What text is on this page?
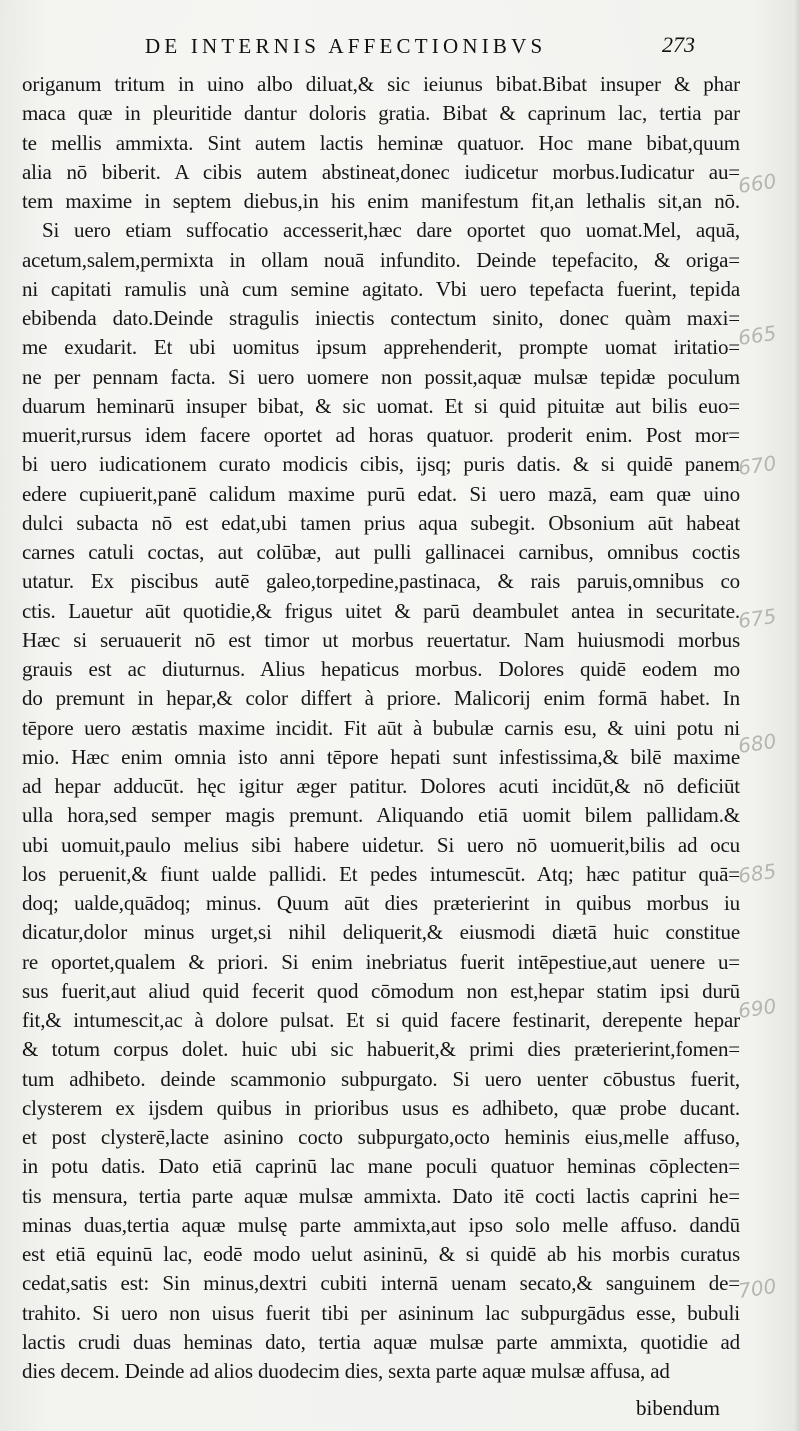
DE INTERNIS AFFECTIONIBVS	273
origanum tritum in uino albo diluat,& sic ieiunus bibat.Bibat insuper & phar
maca quæ in pleuritide dantur doloris gratia. Bibat & caprinum lac, tertia par
te mellis ammixta. Sint autem lactis heminæ quatuor. Hoc mane bibat,quum
alia nō biberit. A cibis autem abstineat,donec iudicetur morbus.Iudicatur au=
tem maxime in septem diebus,in his enim manifestum fit,an lethalis sit,an nō.
Si uero etiam suffocatio accesserit,hæc dare oportet quo uomat.Mel, aquā,
acetum,salem,permixta in ollam nouā infundito. Deinde tepefacito, & origa=
ni capitati ramulis unà cum semine agitato. Vbi uero tepefacta fuerint, tepida
ebibenda dato.Deinde stragulis iniectis contectum sinito, donec quàm maxi=
me exudarit. Et ubi uomitus ipsum apprehenderit, prompte uomat iritatio=
ne per pennam facta. Si uero uomere non possit,aquæ mulsæ tepidæ poculum
duarum heminarū insuper bibat, & sic uomat. Et si quid pituitæ aut bilis euo=
muerit,rursus idem facere oportet ad horas quatuor. proderit enim. Post mor=
bi uero iudicationem curato modicis cibis, ijsq; puris datis. & si quidē panem
edere cupiuerit,panē calidum maxime purū edat. Si uero mazā, eam quæ uino
dulci subacta nō est edat,ubi tamen prius aqua subegit. Obsonium aūt habeat
carnes catuli coctas, aut colūbæ, aut pulli gallinacei carnibus, omnibus coctis
utatur. Ex piscibus autē galeo,torpedine,pastinaca, & rais paruis,omnibus co
ctis. Lauetur aūt quotidie,& frigus uitet & parū deambulet antea in securitate.
Hæc si seruauerit nō est timor ut morbus reuertatur. Nam huiusmodi morbus
grauis est ac diuturnus. Alius hepaticus morbus. Dolores quidē eodem mo
do premunt in hepar,& color differt à priore. Malicorij enim formā habet. In
tēpore uero æstatis maxime incidit. Fit aūt à bubulæ carnis esu, & uini potu ni
mio. Hæc enim omnia isto anni tēpore hepati sunt infestissima,& bilē maxime
ad hepar adducūt. hęc igitur æger patitur. Dolores acuti incidūt,& nō deficiūt
ulla hora,sed semper magis premunt. Aliquando etiā uomit bilem pallidam.&
ubi uomuit,paulo melius sibi habere uidetur. Si uero nō uomuerit,bilis ad ocu
los peruenit,& fiunt ualde pallidi. Et pedes intumescūt. Atq; hæc patitur quā=
doq; ualde,quādoq; minus. Quum aūt dies præterierint in quibus morbus iu
dicatur,dolor minus urget,si nihil deliquerit,& eiusmodi diætā huic constitue
re oportet,qualem & priori. Si enim inebriatus fuerit intēpestiue,aut uenere u=
sus fuerit,aut aliud quid fecerit quod cōmodum non est,hepar statim ipsi durū
fit,& intumescit,ac à dolore pulsat. Et si quid facere festinarit, derepente hepar
& totum corpus dolet. huic ubi sic habuerit,& primi dies præterierint,fomen=
tum adhibeto. deinde scammonio subpurgato. Si uero uenter cōbustus fuerit,
clysterem ex ijsdem quibus in prioribus usus es adhibeto, quæ probe ducant.
et post clysterē,lacte asinino cocto subpurgato,octo heminis eius,melle affuso,
in potu datis. Dato etiā caprinū lac mane poculi quatuor heminas cōplecten=
tis mensura, tertia parte aquæ mulsæ ammixta. Dato itē cocti lactis caprini he=
minas duas,tertia aquæ mulsę parte ammixta,aut ipso solo melle affuso. dandū
est etiā equinū lac, eodē modo uelut asininū, & si quidē ab his morbis curatus
cedat,satis est: Sin minus,dextri cubiti internā uenam secato,& sanguinem de=
trahito. Si uero non uisus fuerit tibi per asininum lac subpurgādus esse, bubuli
lactis crudi duas heminas dato, tertia aquæ mulsæ parte ammixta, quotidie ad
dies decem. Deinde ad alios duodecim dies, sexta parte aquæ mulsæ affusa, ad
bibendum
660
665
670
675
680
685
690
700
